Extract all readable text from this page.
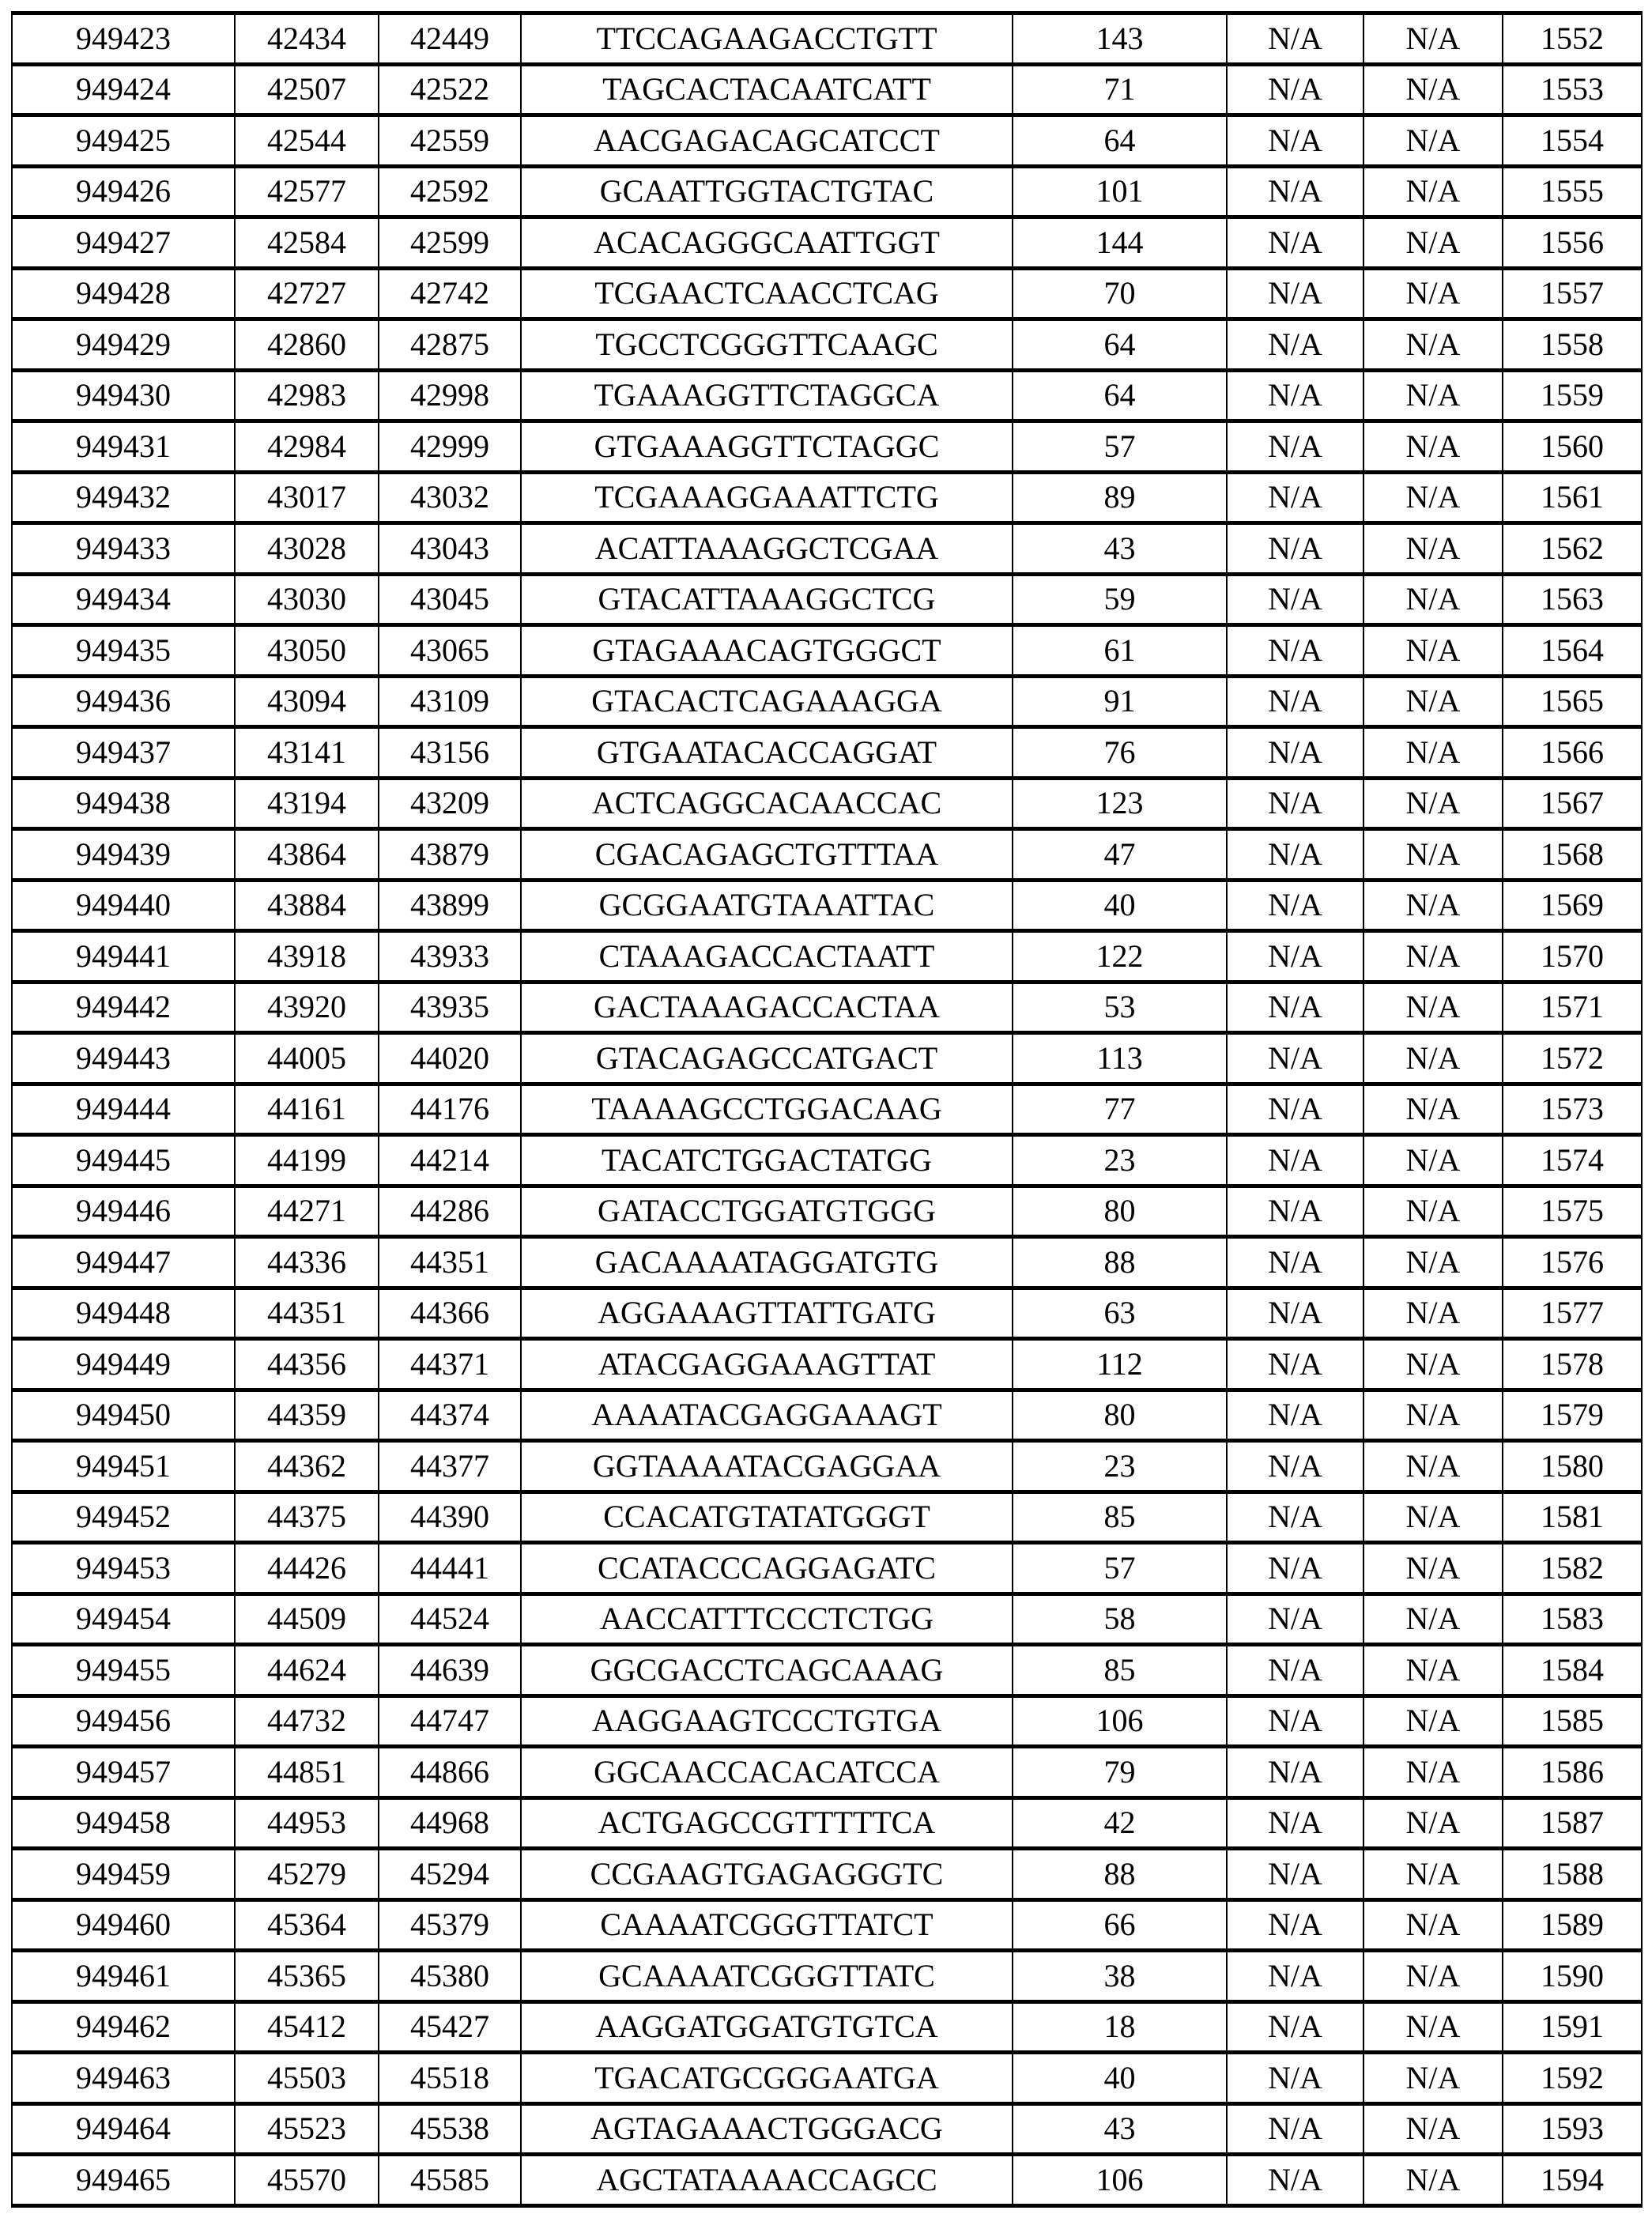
949423	42434	42449	TTCCAGAAGACCTGTT	143	N/A	N/A	1552
949424	42507	42522	TAGCACTACAATCATT	71	N/A	N/A	1553
949425	42544	42559	AACGAGACAGCATCCT	64	N/A	N/A	1554
949426	42577	42592	GCAATTGGTACTGTAC	101	N/A	N/A	1555
949427	42584	42599	ACACAGGGCAATTGGT	144	N/A	N/A	1556
949428	42727	42742	TCGAACTCAACCTCAG	70	N/A	N/A	1557
949429	42860	42875	TGCCTCGGGTTCAAGC	64	N/A	N/A	1558
949430	42983	42998	TGAAAGGTTCTAGGCA	64	N/A	N/A	1559
949431	42984	42999	GTGAAAGGTTCTAGGC	57	N/A	N/A	1560
949432	43017	43032	TCGAAAGGAAATTCTG	89	N/A	N/A	1561
949433	43028	43043	ACATTAAAGGCTCGAA	43	N/A	N/A	1562
949434	43030	43045	GTACATTAAAGGCTCG	59	N/A	N/A	1563
949435	43050	43065	GTAGAAACAGTGGGCT	61	N/A	N/A	1564
949436	43094	43109	GTACACTCAGAAAGGA	91	N/A	N/A	1565
949437	43141	43156	GTGAATACACCAGGAT	76	N/A	N/A	1566
949438	43194	43209	ACTCAGGCACAACCAC	123	N/A	N/A	1567
949439	43864	43879	CGACAGAGCTGTTTAA	47	N/A	N/A	1568
949440	43884	43899	GCGGAATGTAAATTAC	40	N/A	N/A	1569
949441	43918	43933	CTAAAGACCACTAATT	122	N/A	N/A	1570
949442	43920	43935	GACTAAAGACCACTAA	53	N/A	N/A	1571
949443	44005	44020	GTACAGAGCCATGACT	113	N/A	N/A	1572
949444	44161	44176	TAAAAGCCTGGACAAG	77	N/A	N/A	1573
949445	44199	44214	TACATCTGGACTATGG	23	N/A	N/A	1574
949446	44271	44286	GATACCTGGATGTGGG	80	N/A	N/A	1575
949447	44336	44351	GACAAAATAGGATGTG	88	N/A	N/A	1576
949448	44351	44366	AGGAAAGTTATTGATG	63	N/A	N/A	1577
949449	44356	44371	ATACGAGGAAAGTTAT	112	N/A	N/A	1578
949450	44359	44374	AAAATACGAGGAAAGT	80	N/A	N/A	1579
949451	44362	44377	GGTAAAATACGAGGAA	23	N/A	N/A	1580
949452	44375	44390	CCACATGTATATGGGT	85	N/A	N/A	1581
949453	44426	44441	CCATACCCAGGAGATC	57	N/A	N/A	1582
949454	44509	44524	AACCATTTCCCTCTGG	58	N/A	N/A	1583
949455	44624	44639	GGCGACCTCAGCAAAG	85	N/A	N/A	1584
949456	44732	44747	AAGGAAGTCCCTGTGA	106	N/A	N/A	1585
949457	44851	44866	GGCAACCACACATCCA	79	N/A	N/A	1586
949458	44953	44968	ACTGAGCCGTTTTTCA	42	N/A	N/A	1587
949459	45279	45294	CCGAAGTGAGAGGGTC	88	N/A	N/A	1588
949460	45364	45379	CAAAATCGGGTTATCT	66	N/A	N/A	1589
949461	45365	45380	GCAAAATCGGGTTATC	38	N/A	N/A	1590
949462	45412	45427	AAGGATGGATGTGTCA	18	N/A	N/A	1591
949463	45503	45518	TGACATGCGGGAATGA	40	N/A	N/A	1592
949464	45523	45538	AGTAGAAACTGGGACG	43	N/A	N/A	1593
949465	45570	45585	AGCTATAAAACCAGCC	106	N/A	N/A	1594
